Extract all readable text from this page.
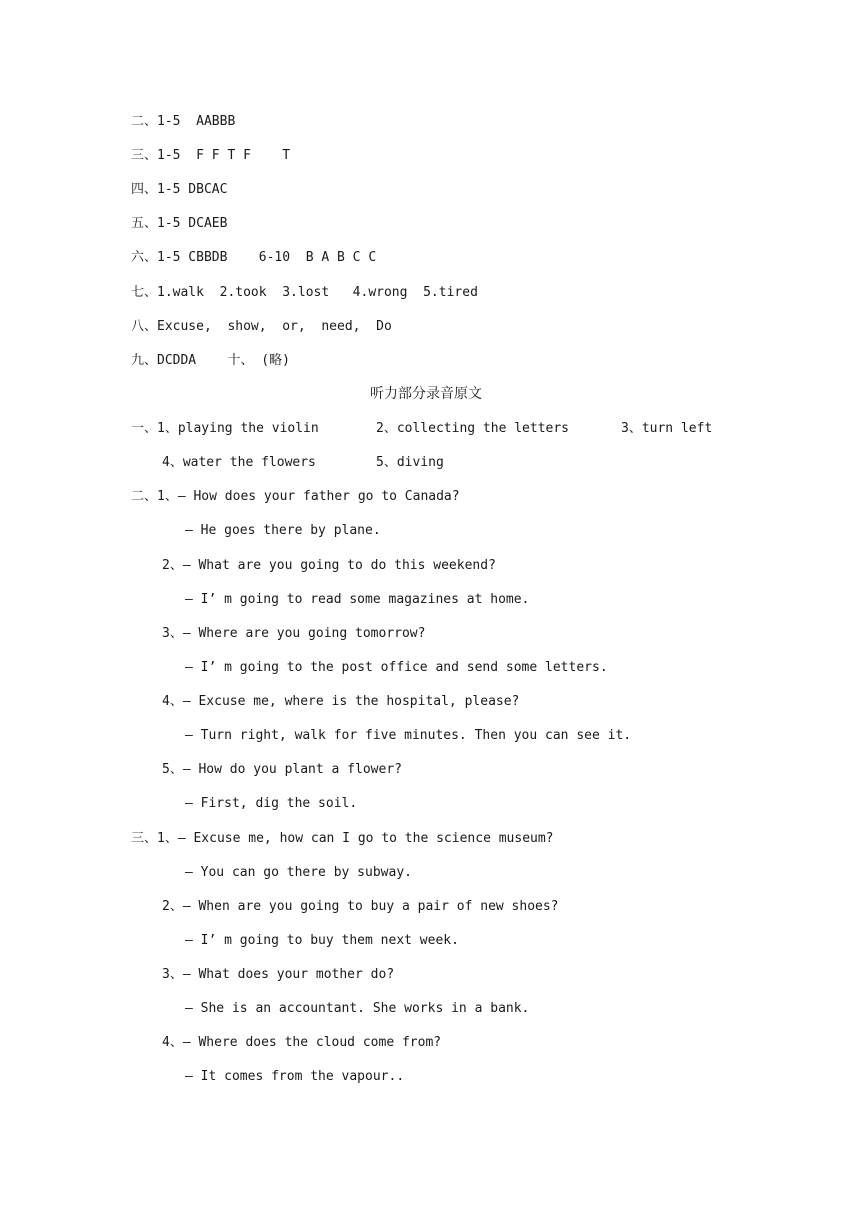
二、1-5  AABBB
三、1-5  F F T F    T
四、1-5 DBCAC
五、1-5 DCAEB
六、1-5 CBBDB    6-10  B A B C C
七、1.walk  2.took  3.lost   4.wrong  5.tired
八、Excuse,  show,  or,  need,  Do
九、DCDDA    十、 (略)
听力部分录音原文
一、1、playing the violin	2、collecting the letters	3、turn left
4、water the flowers	5、diving
二、1、— How does your father go to Canada?
— He goes there by plane.
2、— What are you going to do this weekend?
— I’ m going to read some magazines at home.
3、— Where are you going tomorrow?
— I’ m going to the post office and send some letters.
4、— Excuse me, where is the hospital, please?
— Turn right, walk for five minutes. Then you can see it.
5、— How do you plant a flower?
— First, dig the soil.
三、1、— Excuse me, how can I go to the science museum?
— You can go there by subway.
2、— When are you going to buy a pair of new shoes?
— I’ m going to buy them next week.
3、— What does your mother do?
— She is an accountant. She works in a bank.
4、— Where does the cloud come from?
— It comes from the vapour..
